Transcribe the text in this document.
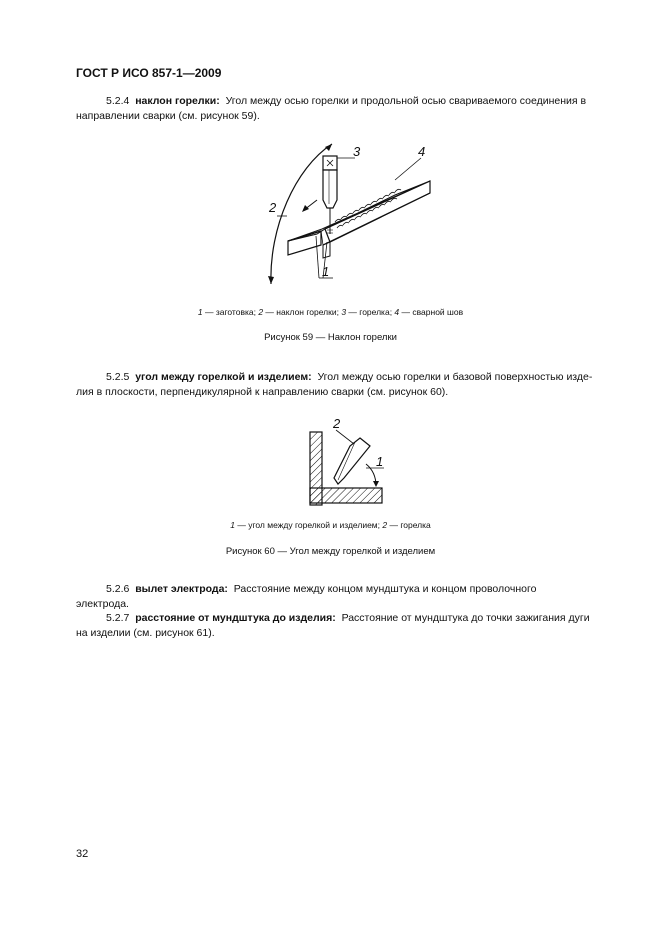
ГОСТ Р ИСО 857-1—2009
5.2.4 наклон горелки: Угол между осью горелки и продольной осью свариваемого соединения в
направлении сварки (см. рисунок 59).
2
3	4
1
1 — заготовка; 2 — наклон горелки; 3 — горелка; 4 — сварной шов
Рисунок 59 — Наклон горелки
5.2.5 угол между горелкой и изделием: Угол между осью горелки и базовой поверхностью изде-
лия в плоскости, перпендикулярной к направлению сварки (см. рисунок 60).
1
2
1 — угол между горелкой и изделием; 2 — горелка
Рисунок 60 — Угол между горелкой и изделием
5.2.6 вылет электрода: Расстояние между концом мундштука и концом проволочного
электрода.
5.2.7 расстояние от мундштука до изделия: Расстояние от мундштука до точки зажигания дуги
на изделии (см. рисунок 61).
32
